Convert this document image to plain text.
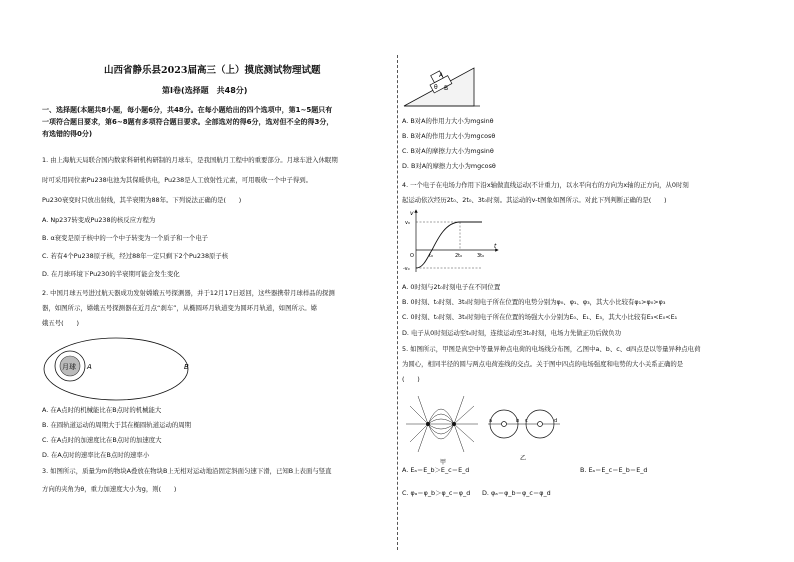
山西省静乐县2023届高三（上）摸底测试物理试题
第Ⅰ卷(选择题　共48分)
一、选择题(本题共8小题，每小题6分，共48分。在每小题给出的四个选项中，第1~5题只有
一项符合题目要求，第6~8题有多项符合题目要求。全部选对的得6分，选对但不全的得3分，
有选错的得0分)
1. 由上海航天局联合国内数家科研机构研制的月球车，是我国航月工程中的重要部分。月球车进入休眠期
时可采用同位素Pu238电池为其保暖供电，Pu238是人工放射性元素，可用吸收一个中子得到。
Pu230衰变时只放出射线，其半衰期为88年。下列说法正确的是(　　)
A. Np237转变成Pu238的核反应方程为
B. α衰变是原子核中的一个中子转变为一个质子和一个电子
C. 若有4个Pu238原子核，经过88年一定只剩下2个Pu238原子核
D. 在月球环境下Pu230的半衰期可能会发生变化
2. 中国月球五号进过航天器成功发射嫦娥五号探测器，并于12月17日返回，这些器携带月球样品的探测
器，如图所示，嫦娥五号探测器在近月点“刹车”，从椭圆环月轨道变为圆环月轨道，如图所示。嫦
娥五号(　　)
月球 A	B
A. 在A点时的机械能比在B点时的机械能大
B. 在圆轨道运动的周期大于其在椭圆轨道运动的周期
C. 在A点时的加速度比在B点时的加速度大
D. 在A点时的速率比在B点时的速率小
3. 如图所示，质量为m的物块A叠放在物块B上无相对运动地沿固定斜面匀速下滑，已知B上表面与竖直
方向的夹角为θ，重力加速度大小为g，则(　　)
A
B
θ
A. B对A的作用力大小为mgsinθ
B. B对A的作用力大小为mgcosθ
C. B对A的摩擦力大小为mgsinθ
D. B对A的摩擦力大小为mgcosθ
4. 一个电子在电场力作用下沿x轴做直线运动(不计重力)，以水平向右的方向为x轴的正方向，从0时刻
起运动依次经历2t₀、2t₀、3t₀时刻。其运动的v-t图象如图所示。对此下列判断正确的是(　　)
v
t
v₀
-v₀
O	t₀	2t₀	3t₀
A. 0时刻与2t₀时刻电子在不同位置
B. 0时刻、t₀时刻、3t₀时刻电子所在位置的电势分别为φ₀、φ₁、φ₃，其大小比较有φ₁>φ₀>φ₃
C. 0时刻、t₀时刻、3t₀时刻电子所在位置的场强大小分别为E₀、E₁、E₃，其大小比较有E₃<E₀<E₁
D. 电子从0时刻运动至t₀时刻，连续运动至3t₀时刻，电场力先做正功后做负功
5. 如图所示，甲图是真空中等量异种点电荷的电场线分布图，乙图中a、b、c、d四点是以等量异种点电荷
为圆心，相同半径的圆与两点电荷连线的交点。关于图中四点的电场强度和电势的大小关系正确的是
(　　)
甲
a	b c	d
乙
A. Eₐ＝E_b＞E_c＝E_d	B. Eₐ＝E_c＝E_b＝E_d
C. φₐ＝φ_b＞φ_c＝φ_d D. φₐ＝φ_b＝φ_c＝φ_d
